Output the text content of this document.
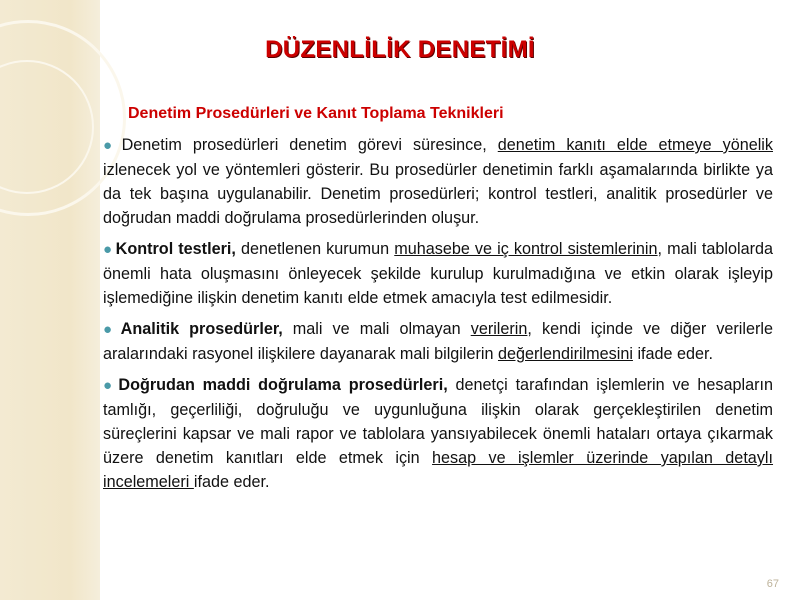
DÜZENLİLİK DENETİMİ
Denetim Prosedürleri ve Kanıt Toplama Teknikleri

● Denetim prosedürleri denetim görevi süresince, denetim kanıtı elde etmeye yönelik izlenecek yol ve yöntemleri gösterir. Bu prosedürler denetimin farklı aşamalarında birlikte ya da tek başına uygulanabilir. Denetim prosedürleri; kontrol testleri, analitik prosedürler ve doğrudan maddi doğrulama prosedürlerinden oluşur.

● Kontrol testleri, denetlenen kurumun muhasebe ve iç kontrol sistemlerinin, mali tablolarda önemli hata oluşmasını önleyecek şekilde kurulup kurulmadığına ve etkin olarak işleyip işlemediğine ilişkin denetim kanıtı elde etmek amacıyla test edilmesidir.

● Analitik prosedürler, mali ve mali olmayan verilerin, kendi içinde ve diğer verilerle aralarındaki rasyonel ilişkilere dayanarak mali bilgilerin değerlendirilmesini ifade eder.

● Doğrudan maddi doğrulama prosedürleri, denetçi tarafından işlemlerin ve hesapların tamlığı, geçerliliği, doğruluğu ve uygunluğuna ilişkin olarak gerçekleştirilen denetim süreçlerini kapsar ve mali rapor ve tablolara yansıyabilecek önemli hataları ortaya çıkarmak üzere denetim kanıtları elde etmek için hesap ve işlemler üzerinde yapılan detaylı incelemeleri ifade eder.

67
